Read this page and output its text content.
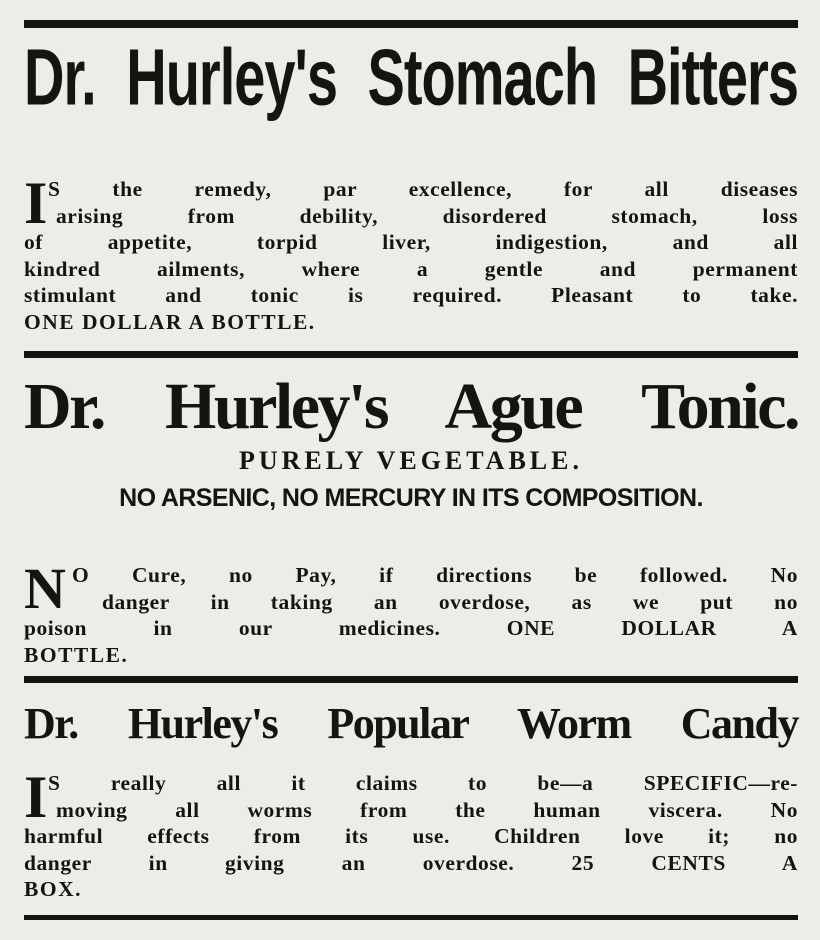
Dr. Hurley's Stomach Bitters
I S the remedy, par excellence, for all diseases
arising from debility, disordered stomach, loss
of appetite, torpid liver, indigestion, and all
kindred ailments, where a gentle and permanent
stimulant and tonic is required. Pleasant to take.
ONE DOLLAR A BOTTLE.
Dr. Hurley's Ague Tonic.
PURELY VEGETABLE.
NO ARSENIC, NO MERCURY IN ITS COMPOSITION.
N O Cure, no Pay, if directions be followed. No
danger in taking an overdose, as we put no
poison in our medicines. ONE DOLLAR A
BOTTLE.
Dr. Hurley's Popular Worm Candy
I S really all it claims to be—a SPECIFIC—re-
moving all worms from the human viscera. No
harmful effects from its use. Children love it; no
danger in giving an overdose. 25 CENTS A
BOX.
